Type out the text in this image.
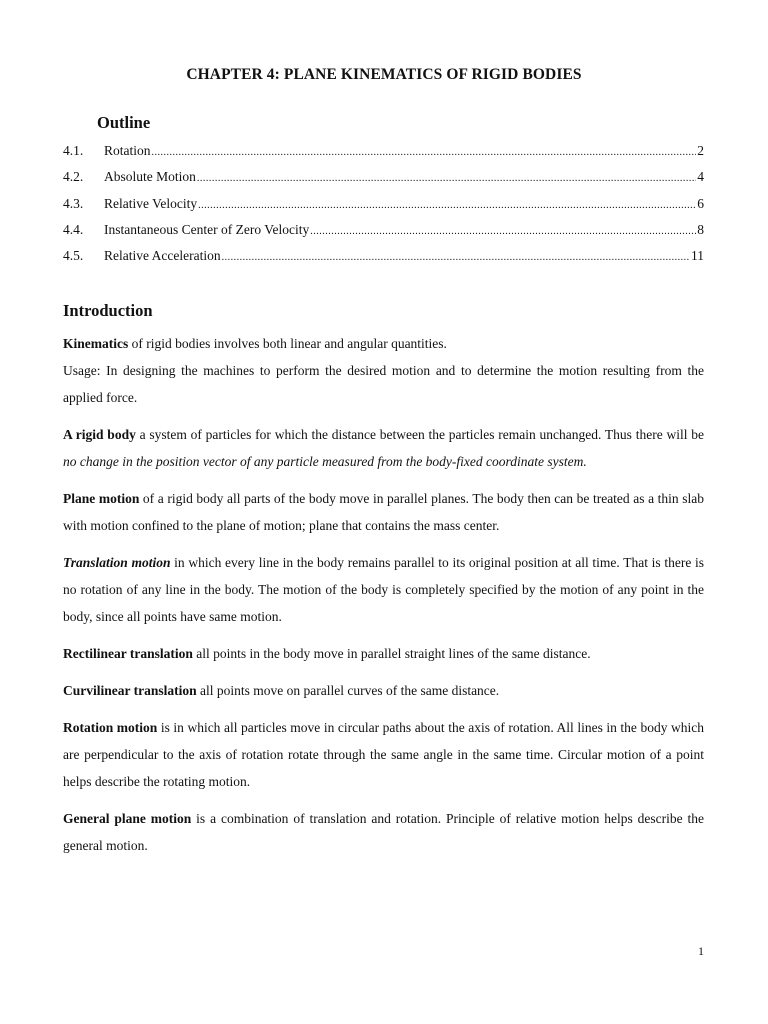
CHAPTER 4: PLANE KINEMATICS OF RIGID BODIES
Outline
4.1.	Rotation .....	2
4.2.	Absolute Motion .....	4
4.3.	Relative Velocity .....	6
4.4.	Instantaneous Center of Zero Velocity .....	8
4.5.	Relative Acceleration .....	11
Introduction

Kinematics of rigid bodies involves both linear and angular quantities.

Usage: In designing the machines to perform the desired motion and to determine the motion resulting from the applied force.

A rigid body a system of particles for which the distance between the particles remain unchanged. Thus there will be no change in the position vector of any particle measured from the body-fixed coordinate system.

Plane motion of a rigid body all parts of the body move in parallel planes. The body then can be treated as a thin slab with motion confined to the plane of motion; plane that contains the mass center.

Translation motion in which every line in the body remains parallel to its original position at all time. That is there is no rotation of any line in the body. The motion of the body is completely specified by the motion of any point in the body, since all points have same motion.

Rectilinear translation all points in the body move in parallel straight lines of the same distance.

Curvilinear translation all points move on parallel curves of the same distance.

Rotation motion is in which all particles move in circular paths about the axis of rotation. All lines in the body which are perpendicular to the axis of rotation rotate through the same angle in the same time. Circular motion of a point helps describe the rotating motion.

General plane motion is a combination of translation and rotation. Principle of relative motion helps describe the general motion.

1
